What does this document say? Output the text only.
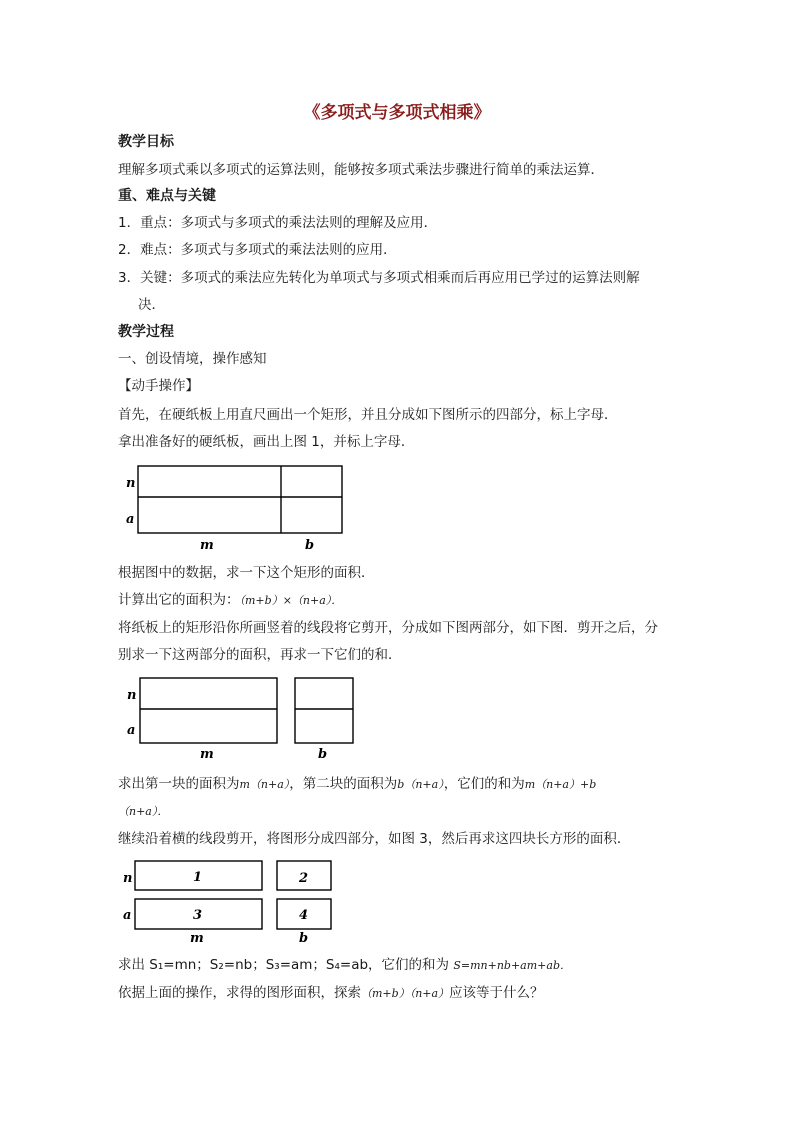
《多项式与多项式相乘》
教学目标
理解多项式乘以多项式的运算法则，能够按多项式乘法步骤进行简单的乘法运算．
重、难点与关键
1．重点：多项式与多项式的乘法法则的理解及应用．
2．难点：多项式与多项式的乘法法则的应用．
3．关键：多项式的乘法应先转化为单项式与多项式相乘而后再应用已学过的运算法则解
决．
教学过程
一、创设情境，操作感知
【动手操作】
首先，在硬纸板上用直尺画出一个矩形，并且分成如下图所示的四部分，标上字母．
拿出准备好的硬纸板，画出上图 1，并标上字母．
n
a
m	b
根据图中的数据，求一下这个矩形的面积．
计算出它的面积为：（m+b）×（n+a）．
将纸板上的矩形沿你所画竖着的线段将它剪开，分成如下图两部分，如下图．剪开之后，分
别求一下这两部分的面积，再求一下它们的和．
n
a
m	b
求出第一块的面积为m（n+a），第二块的面积为b（n+a），它们的和为m（n+a）+b
（n+a）．
继续沿着横的线段剪开，将图形分成四部分，如图 3，然后再求这四块长方形的面积．
1	2
3	4
n
a
m	b
求出 S₁=mn；S₂=nb；S₃=am；S₄=ab，它们的和为 S=mn+nb+am+ab．
依据上面的操作，求得的图形面积，探索（m+b）（n+a）应该等于什么？
